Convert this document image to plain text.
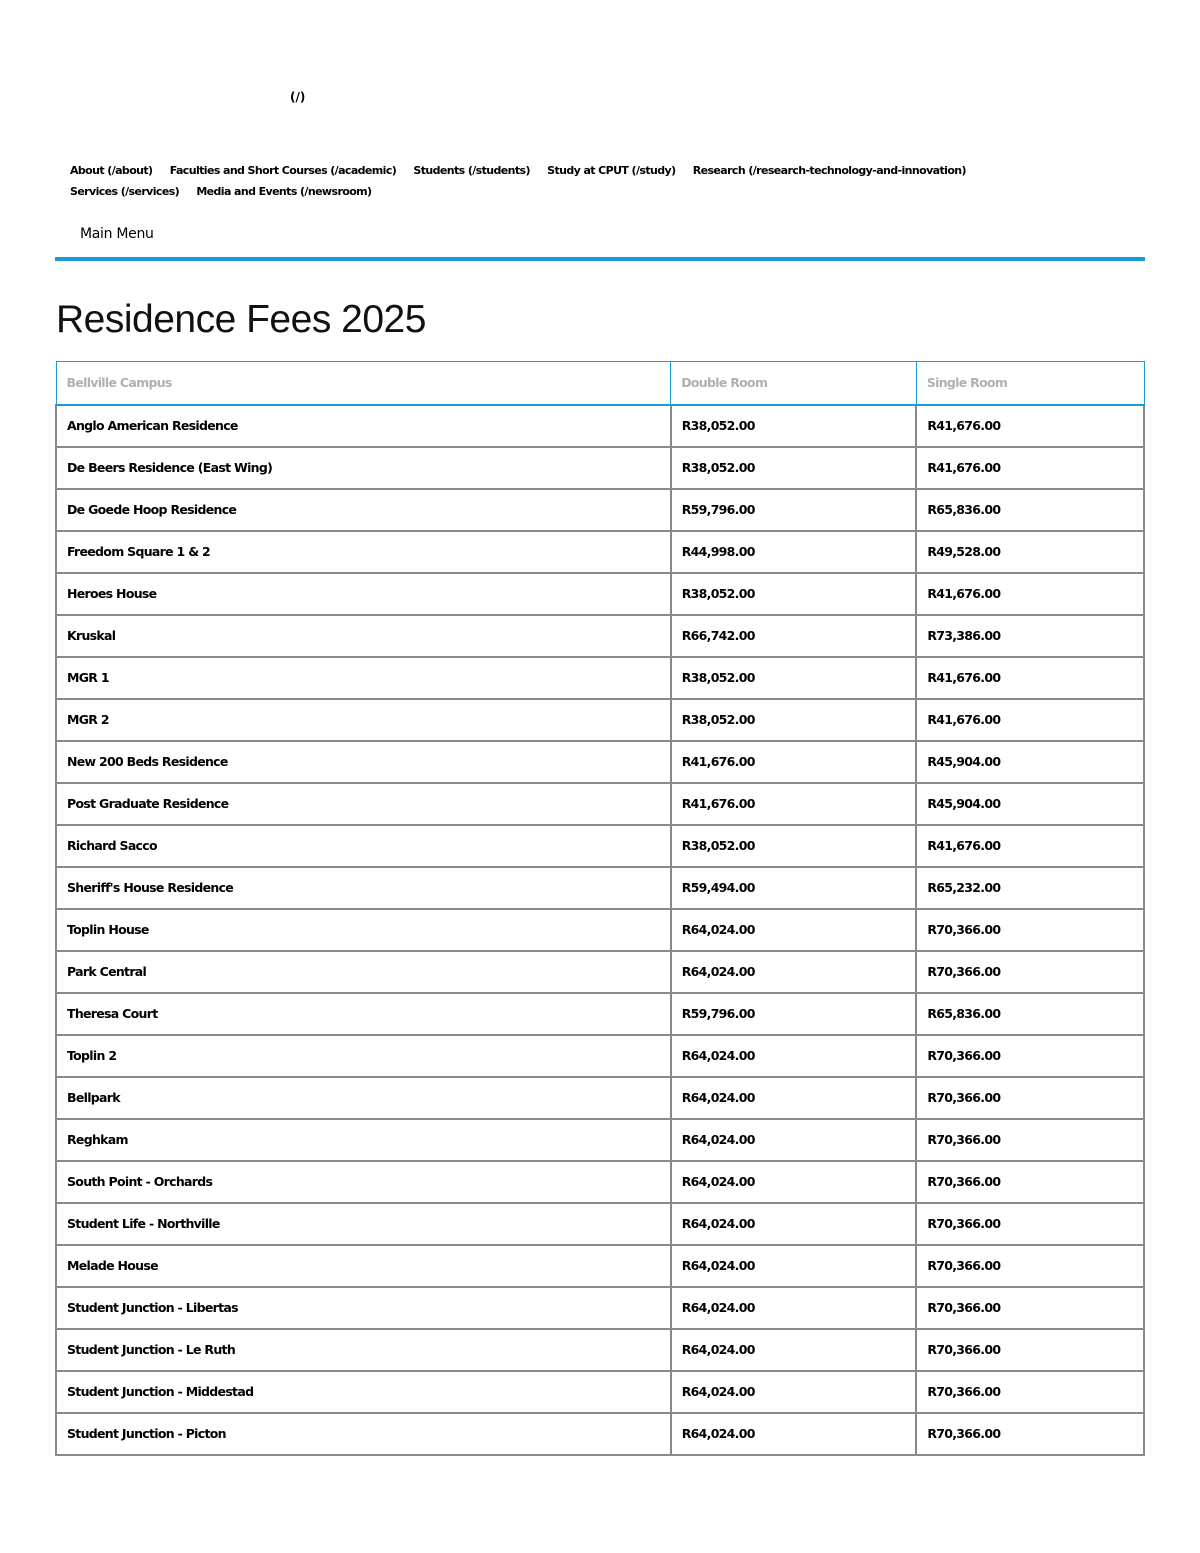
(/)
About (/about) Faculties and Short Courses (/academic) Students (/students) Study at CPUT (/study) Research (/research-technology-and-innovation) Services (/services) Media and Events (/newsroom)
Main Menu
Residence Fees 2025
Bellville Campus	Double Room	Single Room
Anglo American Residence	R38,052.00	R41,676.00
De Beers Residence (East Wing)	R38,052.00	R41,676.00
De Goede Hoop Residence	R59,796.00	R65,836.00
Freedom Square 1 & 2	R44,998.00	R49,528.00
Heroes House	R38,052.00	R41,676.00
Kruskal	R66,742.00	R73,386.00
MGR 1	R38,052.00	R41,676.00
MGR 2	R38,052.00	R41,676.00
New 200 Beds Residence	R41,676.00	R45,904.00
Post Graduate Residence	R41,676.00	R45,904.00
Richard Sacco	R38,052.00	R41,676.00
Sheriff's House Residence	R59,494.00	R65,232.00
Toplin House	R64,024.00	R70,366.00
Park Central	R64,024.00	R70,366.00
Theresa Court	R59,796.00	R65,836.00
Toplin 2	R64,024.00	R70,366.00
Bellpark	R64,024.00	R70,366.00
Reghkam	R64,024.00	R70,366.00
South Point - Orchards	R64,024.00	R70,366.00
Student Life - Northville	R64,024.00	R70,366.00
Melade House	R64,024.00	R70,366.00
Student Junction - Libertas	R64,024.00	R70,366.00
Student Junction - Le Ruth	R64,024.00	R70,366.00
Student Junction - Middestad	R64,024.00	R70,366.00
Student Junction - Picton	R64,024.00	R70,366.00
